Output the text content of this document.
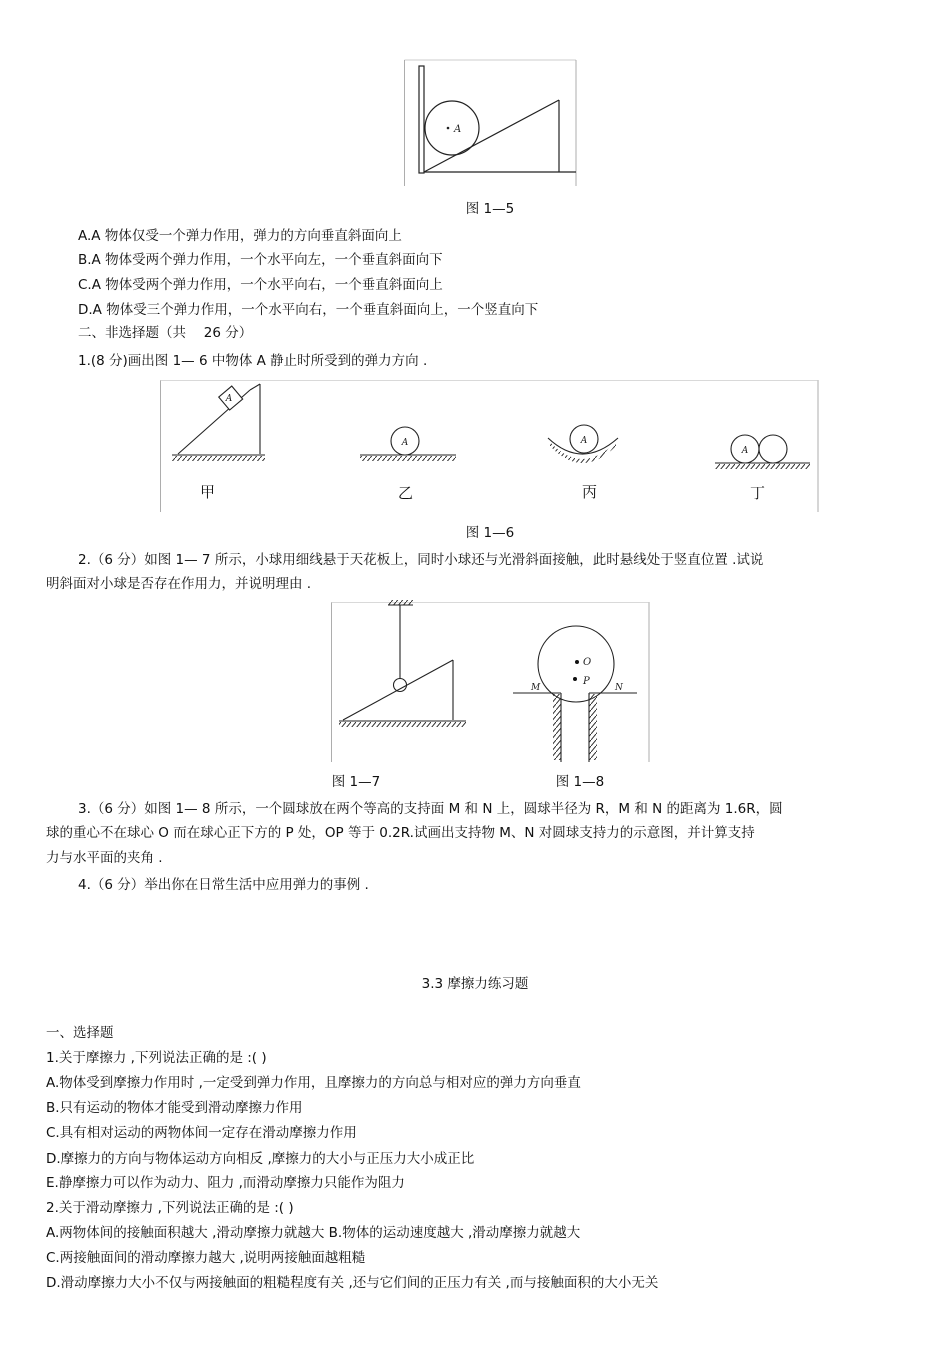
A
图 1—5
A.A 物体仅受一个弹力作用，弹力的方向垂直斜面向上
B.A 物体受两个弹力作用，一个水平向左，一个垂直斜面向下
C.A 物体受两个弹力作用，一个水平向右，一个垂直斜面向上
D.A 物体受三个弹力作用，一个水平向右，一个垂直斜面向上，一个竖直向下
二、非选择题（共　 26 分）
1.(8 分)画出图 1— 6 中物体 A 静止时所受到的弹力方向 .
A
A	A
A
甲	乙	丙	丁
图 1—6
2.（6 分）如图 1— 7 所示，小球用细线悬于天花板上，同时小球还与光滑斜面接触，此时悬线处于竖直位置 .试说
明斜面对小球是否存在作用力，并说明理由 .
O
P
M	N
图 1—7	图 1—8
3.（6 分）如图 1— 8 所示，一个圆球放在两个等高的支持面 M 和 N 上，圆球半径为 R，M 和 N 的距离为 1.6R，圆
球的重心不在球心 O 而在球心正下方的 P 处，OP 等于 0.2R.试画出支持物 M、N 对圆球支持力的示意图，并计算支持
力与水平面的夹角 .
4.（6 分）举出你在日常生活中应用弹力的事例 .
3.3 摩擦力练习题
一、选择题
1.关于摩擦力 ,下列说法正确的是 :( )
A.物体受到摩擦力作用时 ,一定受到弹力作用，且摩擦力的方向总与相对应的弹力方向垂直
B.只有运动的物体才能受到滑动摩擦力作用
C.具有相对运动的两物体间一定存在滑动摩擦力作用
D.摩擦力的方向与物体运动方向相反 ,摩擦力的大小与正压力大小成正比
E.静摩擦力可以作为动力、阻力 ,而滑动摩擦力只能作为阻力
2.关于滑动摩擦力 ,下列说法正确的是 :( )
A.两物体间的接触面积越大 ,滑动摩擦力就越大 B.物体的运动速度越大 ,滑动摩擦力就越大
C.两接触面间的滑动摩擦力越大 ,说明两接触面越粗糙
D.滑动摩擦力大小不仅与两接触面的粗糙程度有关 ,还与它们间的正压力有关 ,而与接触面积的大小无关
